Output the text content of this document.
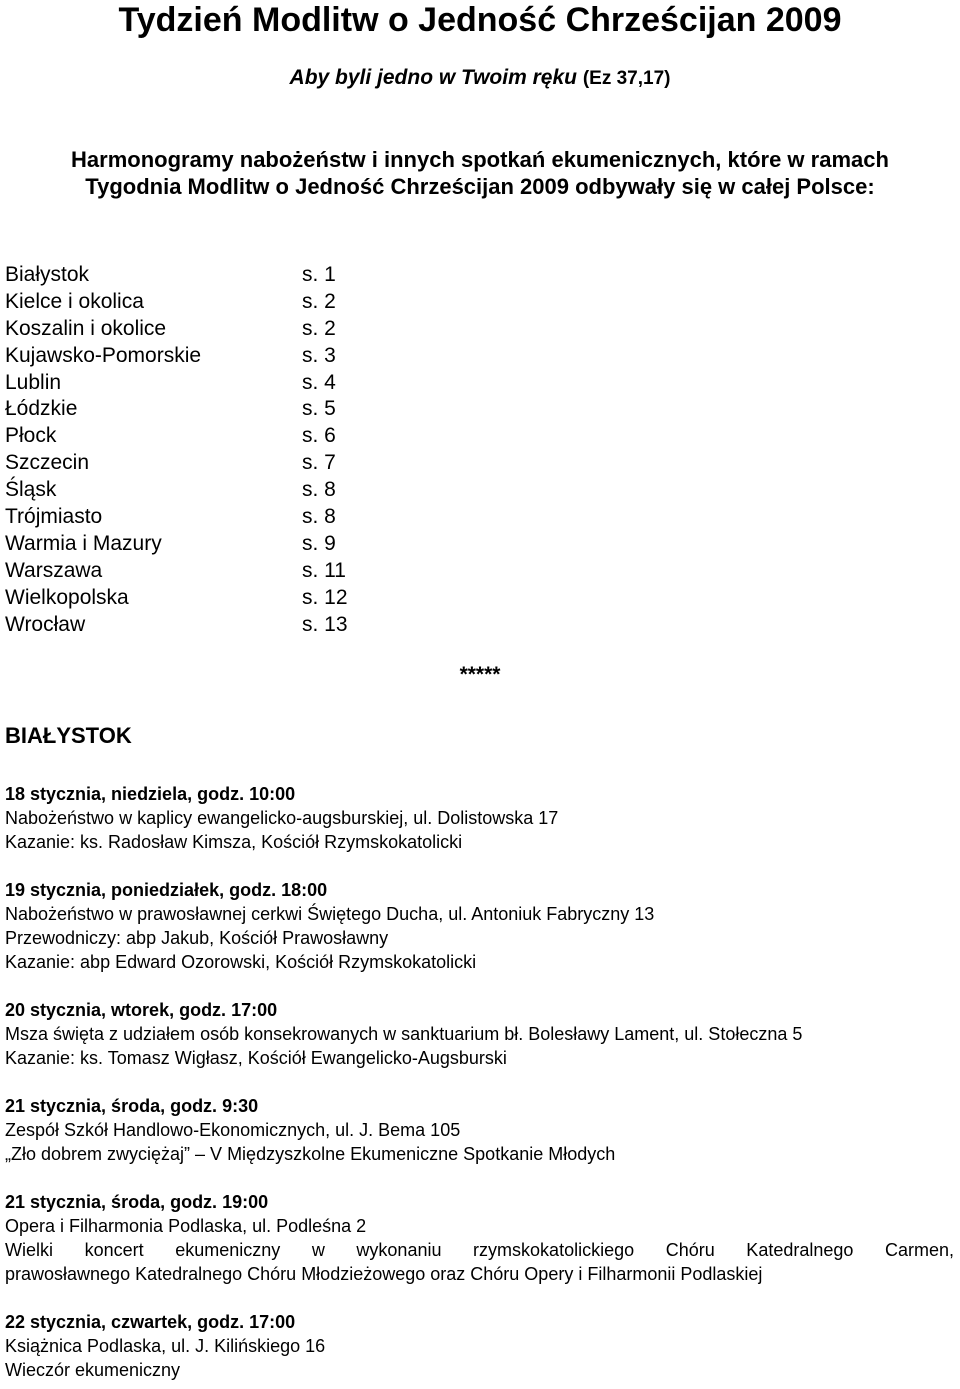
Tydzień Modlitw o Jedność Chrześcijan 2009
Aby byli jedno w Twoim ręku (Ez 37,17)
Harmonogramy nabożeństw i innych spotkań ekumenicznych, które w ramach
Tygodnia Modlitw o Jedność Chrześcijan 2009 odbywały się w całej Polsce:
Białystok	s. 1
Kielce i okolica	s. 2
Koszalin i okolice	s. 2
Kujawsko-Pomorskie	s. 3
Lublin	s. 4
Łódzkie	s. 5
Płock	s. 6
Szczecin	s. 7
Śląsk	s. 8
Trójmiasto	s. 8
Warmia i Mazury	s. 9
Warszawa	s. 11
Wielkopolska	s. 12
Wrocław	s. 13
*****
BIAŁYSTOK
18 stycznia, niedziela, godz. 10:00
Nabożeństwo w kaplicy ewangelicko-augsburskiej, ul. Dolistowska 17
Kazanie: ks. Radosław Kimsza, Kościół Rzymskokatolicki
19 stycznia, poniedziałek, godz. 18:00
Nabożeństwo w prawosławnej cerkwi Świętego Ducha, ul. Antoniuk Fabryczny 13
Przewodniczy: abp Jakub, Kościół Prawosławny
Kazanie: abp Edward Ozorowski, Kościół Rzymskokatolicki
20 stycznia, wtorek, godz. 17:00
Msza święta z udziałem osób konsekrowanych w sanktuarium bł. Bolesławy Lament, ul. Stołeczna 5
Kazanie: ks. Tomasz Wigłasz, Kościół Ewangelicko-Augsburski
21 stycznia, środa, godz. 9:30
Zespół Szkół Handlowo-Ekonomicznych, ul. J. Bema 105
„Zło dobrem zwyciężaj” – V Międzyszkolne Ekumeniczne Spotkanie Młodych
21 stycznia, środa, godz. 19:00
Opera i Filharmonia Podlaska, ul. Podleśna 2
Wielki koncert ekumeniczny w wykonaniu rzymskokatolickiego Chóru Katedralnego Carmen,
prawosławnego Katedralnego Chóru Młodzieżowego oraz Chóru Opery i Filharmonii Podlaskiej
22 stycznia, czwartek, godz. 17:00
Książnica Podlaska, ul. J. Kilińskiego 16
Wieczór ekumeniczny
